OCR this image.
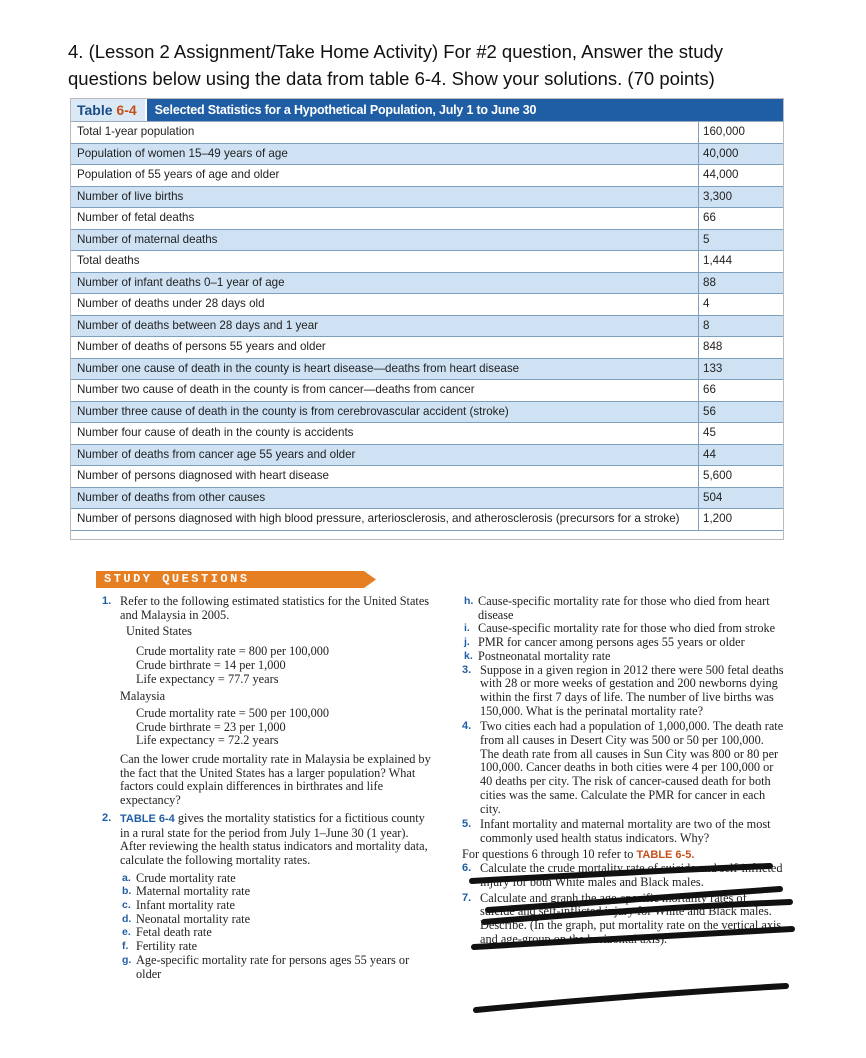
4. (Lesson 2 Assignment/Take Home Activity) For #2 question, Answer the study questions below using the data from table 6-4. Show your solutions. (70 points)
Table 6-4	Selected Statistics for a Hypothetical Population, July 1 to June 30
Total 1-year population	160,000
Population of women 15–49 years of age	40,000
Population of 55 years of age and older	44,000
Number of live births	3,300
Number of fetal deaths	66
Number of maternal deaths	5
Total deaths	1,444
Number of infant deaths 0–1 year of age	88
Number of deaths under 28 days old	4
Number of deaths between 28 days and 1 year	8
Number of deaths of persons 55 years and older	848
Number one cause of death in the county is heart disease—deaths from heart disease	133
Number two cause of death in the county is from cancer—deaths from cancer	66
Number three cause of death in the county is from cerebrovascular accident (stroke)	56
Number four cause of death in the county is accidents	45
Number of deaths from cancer age 55 years and older	44
Number of persons diagnosed with heart disease	5,600
Number of deaths from other causes	504
Number of persons diagnosed with high blood pressure, arteriosclerosis, and atherosclerosis (precursors for a stroke)	1,200
STUDY QUESTIONS
1. Refer to the following estimated statistics for the United States and Malaysia in 2005.
United States
Crude mortality rate = 800 per 100,000
Crude birthrate = 14 per 1,000
Life expectancy = 77.7 years
Malaysia
Crude mortality rate = 500 per 100,000
Crude birthrate = 23 per 1,000
Life expectancy = 72.2 years
Can the lower crude mortality rate in Malaysia be explained by the fact that the United States has a larger population? What factors could explain differences in birthrates and life expectancy?
2. TABLE 6-4 gives the mortality statistics for a fictitious county in a rural state for the period from July 1–June 30 (1 year). After reviewing the health status indicators and mortality data, calculate the following mortality rates.
a. Crude mortality rate
b. Maternal mortality rate
c. Infant mortality rate
d. Neonatal mortality rate
e. Fetal death rate
f. Fertility rate
g. Age-specific mortality rate for persons ages 55 years or older
h. Cause-specific mortality rate for those who died from heart disease
i. Cause-specific mortality rate for those who died from stroke
j. PMR for cancer among persons ages 55 years or older
k. Postneonatal mortality rate
3. Suppose in a given region in 2012 there were 500 fetal deaths with 28 or more weeks of gestation and 200 newborns dying within the first 7 days of life. The number of live births was 150,000. What is the perinatal mortality rate?
4. Two cities each had a population of 1,000,000. The death rate from all causes in Desert City was 500 or 50 per 100,000. The death rate from all causes in Sun City was 800 or 80 per 100,000. Cancer deaths in both cities were 4 per 100,000 or 40 deaths per city. The risk of cancer-caused death for both cities was the same. Calculate the PMR for cancer in each city.
5. Infant mortality and maternal mortality are two of the most commonly used health status indicators. Why?
For questions 6 through 10 refer to TABLE 6-5.
6. Calculate the crude mortality rate of suicide and self-inflicted injury for both White males and Black males.
7. Calculate and graph the age-specific mortality rates of suicide and self-inflicted injury for White and Black males. Describe. (In the graph, put mortality rate on the vertical axis and age-group on the horizontal axis).
